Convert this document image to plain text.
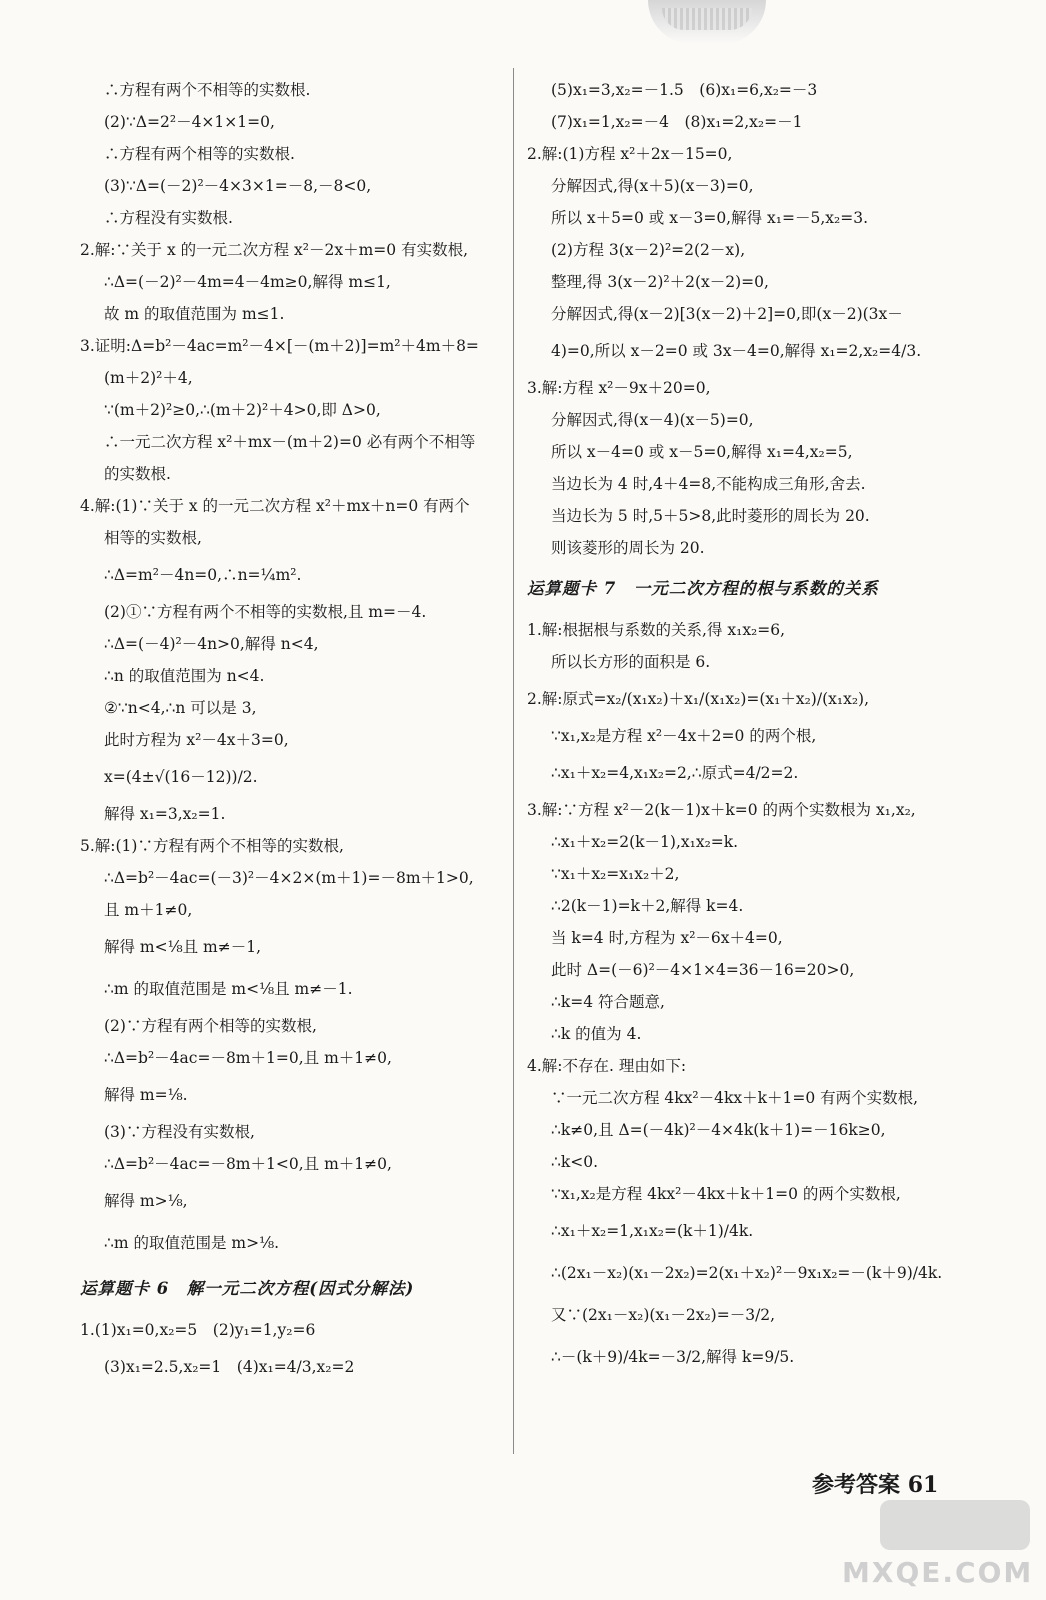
∴方程有两个不相等的实数根.
(2)∵Δ=2²－4×1×1=0,
∴方程有两个相等的实数根.
(3)∵Δ=(－2)²－4×3×1=－8,－8<0,
∴方程没有实数根.
2.解:∵关于 x 的一元二次方程 x²－2x＋m=0 有实数根,
∴Δ=(－2)²－4m=4－4m≥0,解得 m≤1,
故 m 的取值范围为 m≤1.
3.证明:Δ=b²－4ac=m²－4×[－(m＋2)]=m²＋4m＋8=
(m＋2)²＋4,
∵(m＋2)²≥0,∴(m＋2)²＋4>0,即 Δ>0,
∴一元二次方程 x²＋mx－(m＋2)=0 必有两个不相等
的实数根.
4.解:(1)∵关于 x 的一元二次方程 x²＋mx＋n=0 有两个
相等的实数根,
∴Δ=m²－4n=0,∴n=¼m².
(2)①∵方程有两个不相等的实数根,且 m=－4.
∴Δ=(－4)²－4n>0,解得 n<4,
∴n 的取值范围为 n<4.
②∵n<4,∴n 可以是 3,
此时方程为 x²－4x＋3=0,
x=(4±√(16－12))/2.
解得 x₁=3,x₂=1.
5.解:(1)∵方程有两个不相等的实数根,
∴Δ=b²－4ac=(－3)²－4×2×(m＋1)=－8m＋1>0,
且 m＋1≠0,
解得 m<⅛且 m≠－1,
∴m 的取值范围是 m<⅛且 m≠－1.
(2)∵方程有两个相等的实数根,
∴Δ=b²－4ac=－8m＋1=0,且 m＋1≠0,
解得 m=⅛.
(3)∵方程没有实数根,
∴Δ=b²－4ac=－8m＋1<0,且 m＋1≠0,
解得 m>⅛,
∴m 的取值范围是 m>⅛.
运算题卡 6　解一元二次方程(因式分解法)
1.(1)x₁=0,x₂=5　(2)y₁=1,y₂=6
(3)x₁=2.5,x₂=1　(4)x₁=4/3,x₂=2
(5)x₁=3,x₂=－1.5　(6)x₁=6,x₂=－3
(7)x₁=1,x₂=－4　(8)x₁=2,x₂=－1
2.解:(1)方程 x²＋2x－15=0,
分解因式,得(x＋5)(x－3)=0,
所以 x＋5=0 或 x－3=0,解得 x₁=－5,x₂=3.
(2)方程 3(x－2)²=2(2－x),
整理,得 3(x－2)²＋2(x－2)=0,
分解因式,得(x－2)[3(x－2)＋2]=0,即(x－2)(3x－
4)=0,所以 x－2=0 或 3x－4=0,解得 x₁=2,x₂=4/3.
3.解:方程 x²－9x＋20=0,
分解因式,得(x－4)(x－5)=0,
所以 x－4=0 或 x－5=0,解得 x₁=4,x₂=5,
当边长为 4 时,4＋4=8,不能构成三角形,舍去.
当边长为 5 时,5＋5>8,此时菱形的周长为 20.
则该菱形的周长为 20.
运算题卡 7　一元二次方程的根与系数的关系
1.解:根据根与系数的关系,得 x₁x₂=6,
所以长方形的面积是 6.
2.解:原式=x₂/(x₁x₂)＋x₁/(x₁x₂)=(x₁＋x₂)/(x₁x₂),
∵x₁,x₂是方程 x²－4x＋2=0 的两个根,
∴x₁＋x₂=4,x₁x₂=2,∴原式=4/2=2.
3.解:∵方程 x²－2(k－1)x＋k=0 的两个实数根为 x₁,x₂,
∴x₁＋x₂=2(k－1),x₁x₂=k.
∵x₁＋x₂=x₁x₂＋2,
∴2(k－1)=k＋2,解得 k=4.
当 k=4 时,方程为 x²－6x＋4=0,
此时 Δ=(－6)²－4×1×4=36－16=20>0,
∴k=4 符合题意,
∴k 的值为 4.
4.解:不存在. 理由如下:
∵一元二次方程 4kx²－4kx＋k＋1=0 有两个实数根,
∴k≠0,且 Δ=(－4k)²－4×4k(k＋1)=－16k≥0,
∴k<0.
∵x₁,x₂是方程 4kx²－4kx＋k＋1=0 的两个实数根,
∴x₁＋x₂=1,x₁x₂=(k＋1)/4k.
∴(2x₁－x₂)(x₁－2x₂)=2(x₁＋x₂)²－9x₁x₂=－(k＋9)/4k.
又∵(2x₁－x₂)(x₁－2x₂)=－3/2,
∴－(k＋9)/4k=－3/2,解得 k=9/5.
参考答案 61
MXQE.COM
